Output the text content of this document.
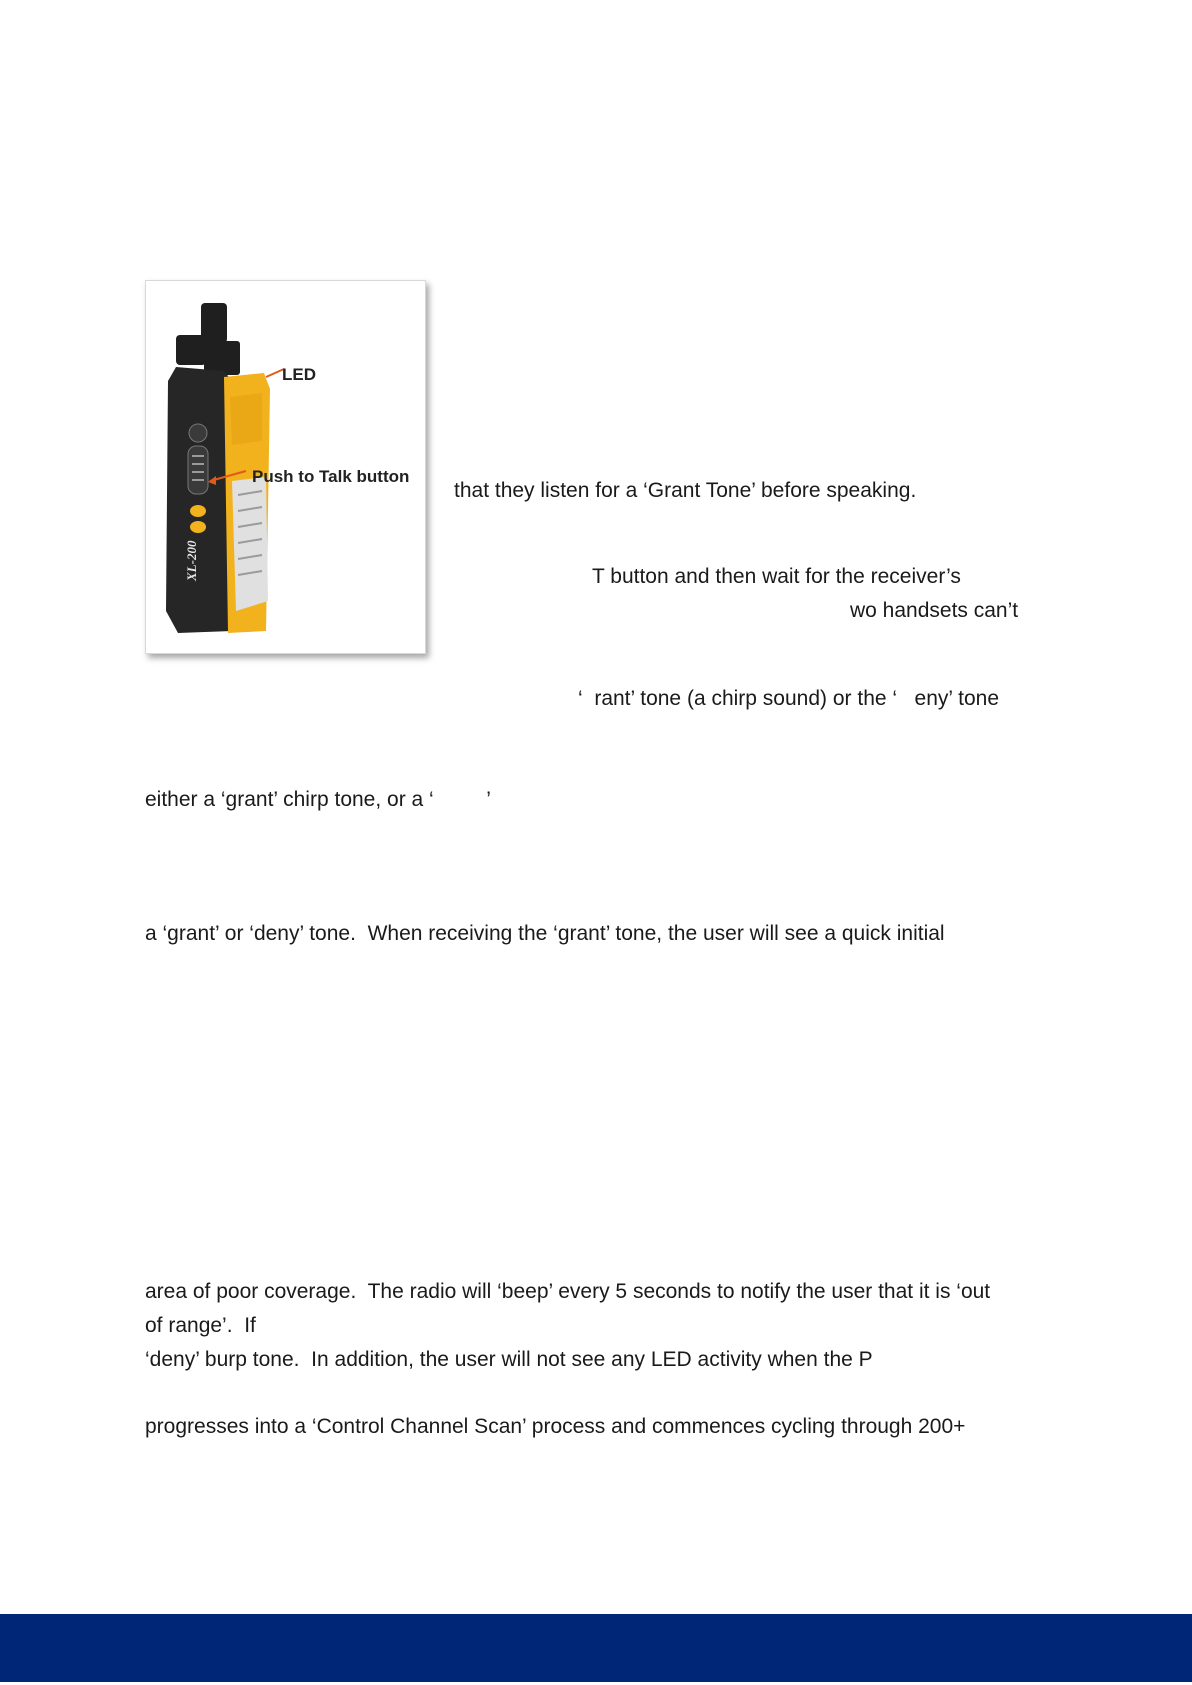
XL-200
LED
Push to Talk button
that they listen for a ‘Grant Tone’ before speaking.
T button and then wait for the receiver’s
wo handsets can’t
‘  rant’ tone (a chirp sound) or the ‘   eny’ tone
either a ‘grant’ chirp tone, or a ‘         ’
a ‘grant’ or ‘deny’ tone.  When receiving the ‘grant’ tone, the user will see a quick initial
area of poor coverage.  The radio will ‘beep’ every 5 seconds to notify the user that it is ‘out
of range’.  If
‘deny’ burp tone.  In addition, the user will not see any LED activity when the P
progresses into a ‘Control Channel Scan’ process and commences cycling through 200+
